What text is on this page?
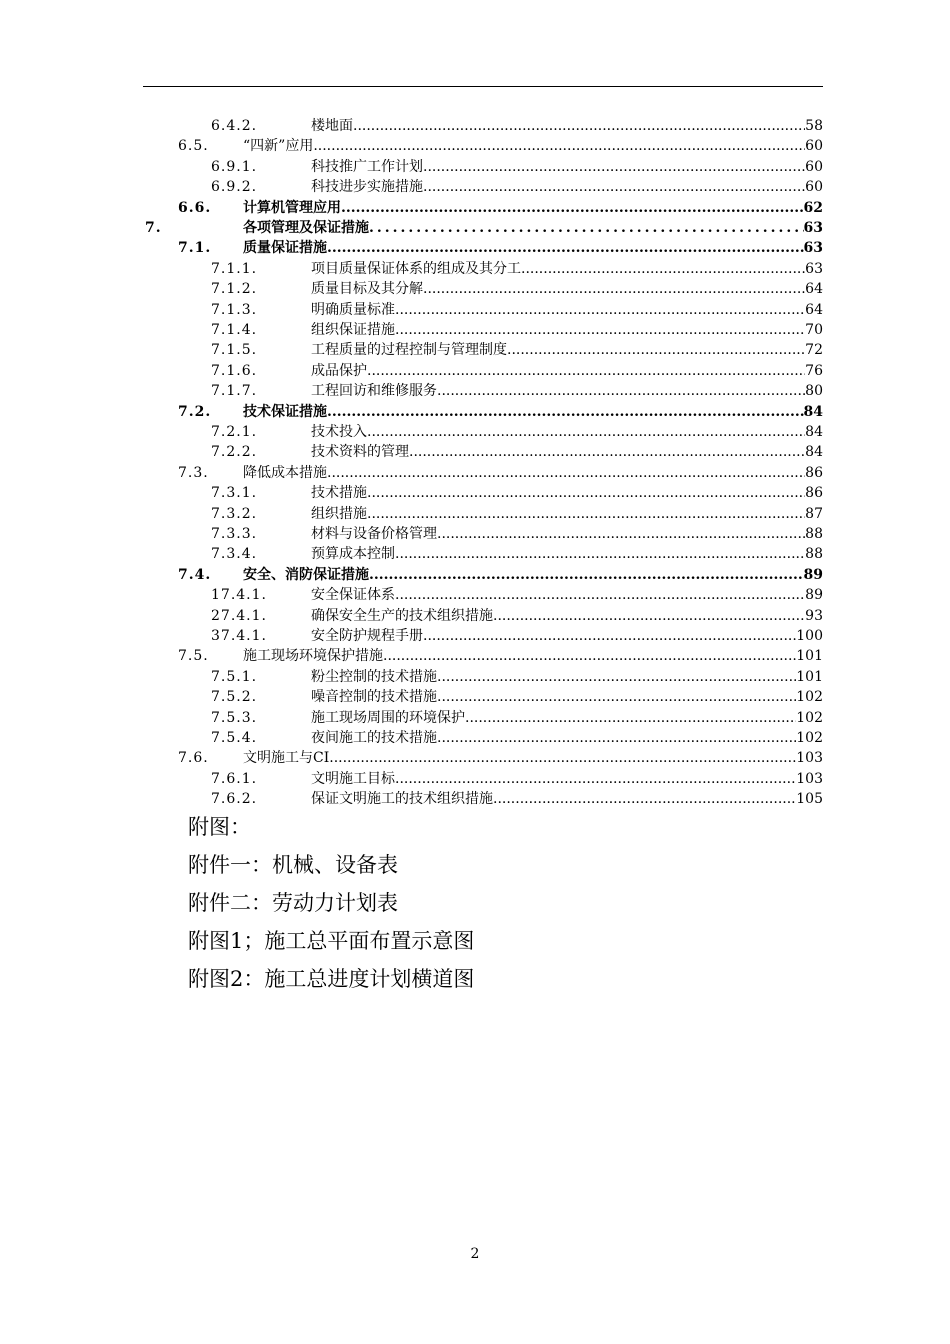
6.4.2.	楼地面 .....	58
6.5. “四新”应用 .....	60
6.9.1.	科技推广工作计划 .....	60
6.9.2.	科技进步实施措施 .....	60
6.6. 计算机管理应用 .....	62
7.	各项管理及保证措施 .....	63
7.1. 质量保证措施 .....	63
7.1.1.	项目质量保证体系的组成及其分工 .....	63
7.1.2.	质量目标及其分解 .....	64
7.1.3.	明确质量标准 .....	64
7.1.4.	组织保证措施 .....	70
7.1.5.	工程质量的过程控制与管理制度 .....	72
7.1.6.	成品保护 .....	76
7.1.7.	工程回访和维修服务 .....	80
7.2. 技术保证措施 .....	84
7.2.1.	技术投入 .....	84
7.2.2.	技术资料的管理 .....	84
7.3. 降低成本措施 .....	86
7.3.1.	技术措施 .....	86
7.3.2.	组织措施 .....	87
7.3.3.	材料与设备价格管理 .....	88
7.3.4.	预算成本控制 .....	88
7.4. 安全、消防保证措施 .....	89
17.4.1.	安全保证体系 .....	89
27.4.1.	确保安全生产的技术组织措施 .....	93
37.4.1.	安全防护规程手册 .....	100
7.5. 施工现场环境保护措施 .....	101
7.5.1.	粉尘控制的技术措施 .....	101
7.5.2.	噪音控制的技术措施 .....	102
7.5.3.	施工现场周围的环境保护 .....	102
7.5.4.	夜间施工的技术措施 .....	102
7.6. 文明施工与CI .....	103
7.6.1.	文明施工目标 .....	103
7.6.2.	保证文明施工的技术组织措施 .....	105
附图：
附件一：机械、设备表
附件二：劳动力计划表
附图1；施工总平面布置示意图
附图2：施工总进度计划横道图
2
